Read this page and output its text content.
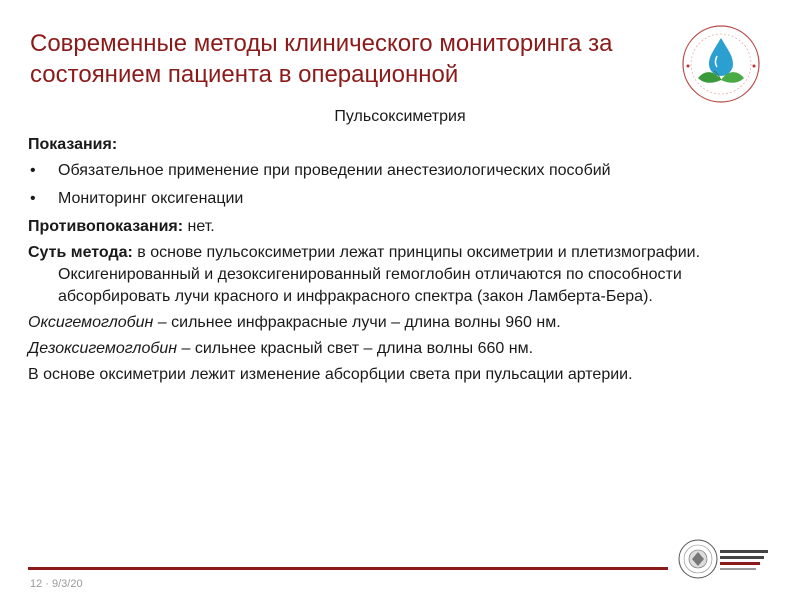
Современные методы клинического мониторинга за
состоянием пациента в операционной
Пульсоксиметрия

Показания:

• Обязательное применение при проведении анестезиологических пособий
• Мониторинг оксигенации

Противопоказания: нет.

Суть метода: в основе пульсоксиметрии лежат принципы оксиметрии и плетизмографии. Оксигенированный и дезоксигенированный гемоглобин отличаются по способности абсорбировать лучи красного и инфракрасного спектра (закон Ламберта-Бера).

Оксигемоглобин – сильнее инфракрасные лучи – длина волны 960 нм.

Дезоксигемоглобин – сильнее красный свет – длина волны 660 нм.

В основе оксиметрии лежит изменение абсорбции света при пульсации артерии.

12 · 9/3/20
